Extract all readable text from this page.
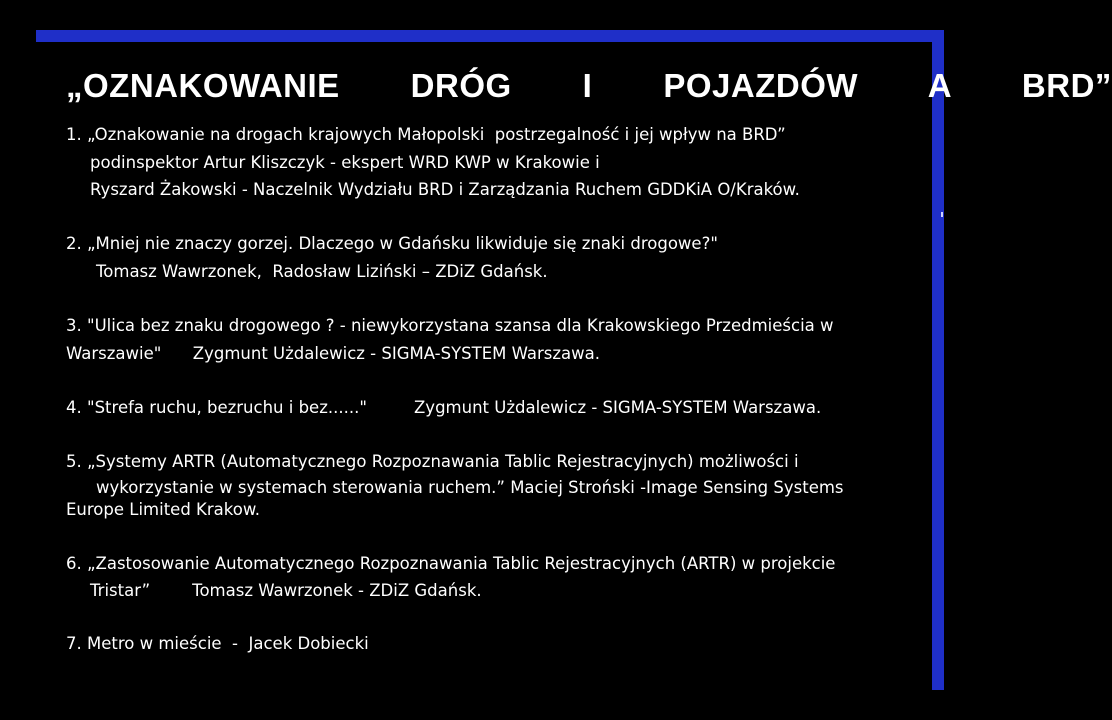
„OZNAKOWANIE   DRÓG   I   POJAZDÓW   A   BRD”

1. „Oznakowanie na drogach krajowych Małopolski  postrzegalność i jej wpływ na BRD”

podinspektor Artur Kliszczyk - ekspert WRD KWP w Krakowie i

Ryszard Żakowski - Naczelnik Wydziału BRD i Zarządzania Ruchem GDDKiA O/Kraków.

2. „Mniej nie znaczy gorzej. Dlaczego w Gdańsku likwiduje się znaki drogowe?"

Tomasz Wawrzonek,  Radosław Liziński – ZDiZ Gdańsk.

3. "Ulica bez znaku drogowego ? - niewykorzystana szansa dla Krakowskiego Przedmieścia w

Warszawie"      Zygmunt Użdalewicz - SIGMA-SYSTEM Warszawa.

4. "Strefa ruchu, bezruchu i bez......"	Zygmunt Użdalewicz - SIGMA-SYSTEM Warszawa.

5. „Systemy ARTR (Automatycznego Rozpoznawania Tablic Rejestracyjnych) możliwości i

wykorzystanie w systemach sterowania ruchem.” Maciej Stroński -Image Sensing Systems

Europe Limited Krakow.

6. „Zastosowanie Automatycznego Rozpoznawania Tablic Rejestracyjnych (ARTR) w projekcie

Tristar”        Tomasz Wawrzonek - ZDiZ Gdańsk.

7. Metro w mieście  -  Jacek Dobiecki
